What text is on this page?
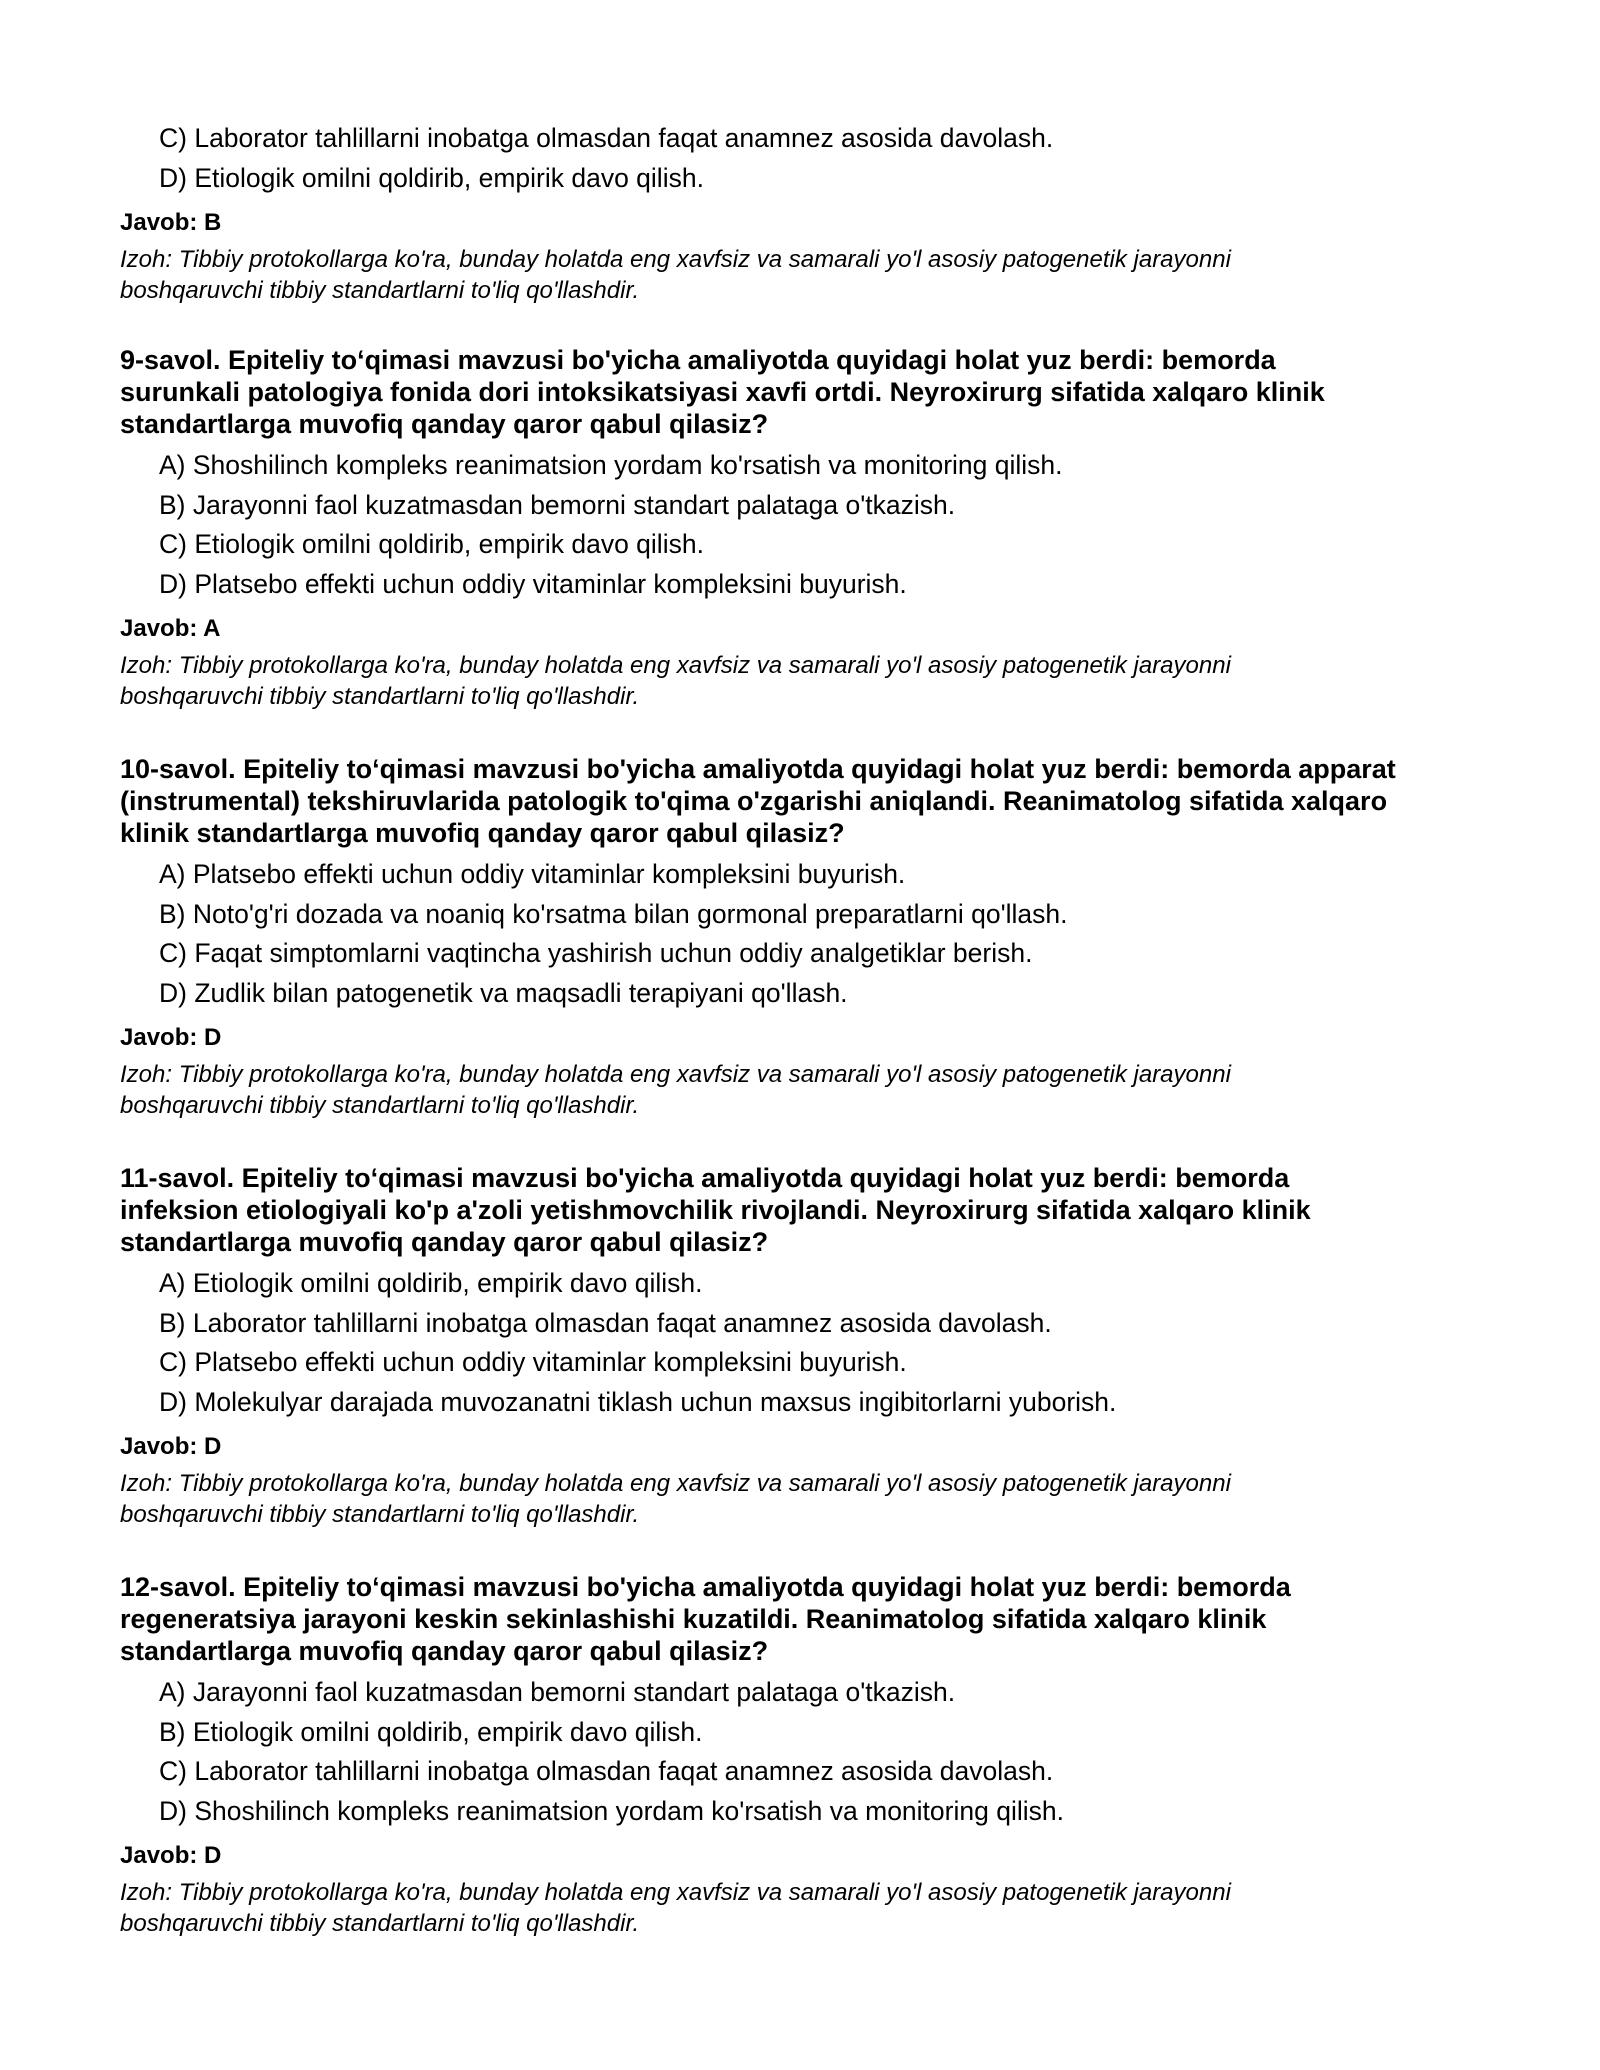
C) Laborator tahlillarni inobatga olmasdan faqat anamnez asosida davolash.
D) Etiologik omilni qoldirib, empirik davo qilish.
Javob: B
Izoh: Tibbiy protokollarga ko'ra, bunday holatda eng xavfsiz va samarali yo'l asosiy patogenetik jarayonni
boshqaruvchi tibbiy standartlarni to'liq qo'llashdir.
9-savol. Epiteliy to‘qimasi mavzusi bo'yicha amaliyotda quyidagi holat yuz berdi: bemorda
surunkali patologiya fonida dori intoksikatsiyasi xavfi ortdi. Neyroxirurg sifatida xalqaro klinik
standartlarga muvofiq qanday qaror qabul qilasiz?
A) Shoshilinch kompleks reanimatsion yordam ko'rsatish va monitoring qilish.
B) Jarayonni faol kuzatmasdan bemorni standart palataga o'tkazish.
C) Etiologik omilni qoldirib, empirik davo qilish.
D) Platsebo effekti uchun oddiy vitaminlar kompleksini buyurish.
Javob: A
Izoh: Tibbiy protokollarga ko'ra, bunday holatda eng xavfsiz va samarali yo'l asosiy patogenetik jarayonni
boshqaruvchi tibbiy standartlarni to'liq qo'llashdir.
10-savol. Epiteliy to‘qimasi mavzusi bo'yicha amaliyotda quyidagi holat yuz berdi: bemorda apparat
(instrumental) tekshiruvlarida patologik to'qima o'zgarishi aniqlandi. Reanimatolog sifatida xalqaro
klinik standartlarga muvofiq qanday qaror qabul qilasiz?
A) Platsebo effekti uchun oddiy vitaminlar kompleksini buyurish.
B) Noto'g'ri dozada va noaniq ko'rsatma bilan gormonal preparatlarni qo'llash.
C) Faqat simptomlarni vaqtincha yashirish uchun oddiy analgetiklar berish.
D) Zudlik bilan patogenetik va maqsadli terapiyani qo'llash.
Javob: D
Izoh: Tibbiy protokollarga ko'ra, bunday holatda eng xavfsiz va samarali yo'l asosiy patogenetik jarayonni
boshqaruvchi tibbiy standartlarni to'liq qo'llashdir.
11-savol. Epiteliy to‘qimasi mavzusi bo'yicha amaliyotda quyidagi holat yuz berdi: bemorda
infeksion etiologiyali ko'p a'zoli yetishmovchilik rivojlandi. Neyroxirurg sifatida xalqaro klinik
standartlarga muvofiq qanday qaror qabul qilasiz?
A) Etiologik omilni qoldirib, empirik davo qilish.
B) Laborator tahlillarni inobatga olmasdan faqat anamnez asosida davolash.
C) Platsebo effekti uchun oddiy vitaminlar kompleksini buyurish.
D) Molekulyar darajada muvozanatni tiklash uchun maxsus ingibitorlarni yuborish.
Javob: D
Izoh: Tibbiy protokollarga ko'ra, bunday holatda eng xavfsiz va samarali yo'l asosiy patogenetik jarayonni
boshqaruvchi tibbiy standartlarni to'liq qo'llashdir.
12-savol. Epiteliy to‘qimasi mavzusi bo'yicha amaliyotda quyidagi holat yuz berdi: bemorda
regeneratsiya jarayoni keskin sekinlashishi kuzatildi. Reanimatolog sifatida xalqaro klinik
standartlarga muvofiq qanday qaror qabul qilasiz?
A) Jarayonni faol kuzatmasdan bemorni standart palataga o'tkazish.
B) Etiologik omilni qoldirib, empirik davo qilish.
C) Laborator tahlillarni inobatga olmasdan faqat anamnez asosida davolash.
D) Shoshilinch kompleks reanimatsion yordam ko'rsatish va monitoring qilish.
Javob: D
Izoh: Tibbiy protokollarga ko'ra, bunday holatda eng xavfsiz va samarali yo'l asosiy patogenetik jarayonni
boshqaruvchi tibbiy standartlarni to'liq qo'llashdir.
